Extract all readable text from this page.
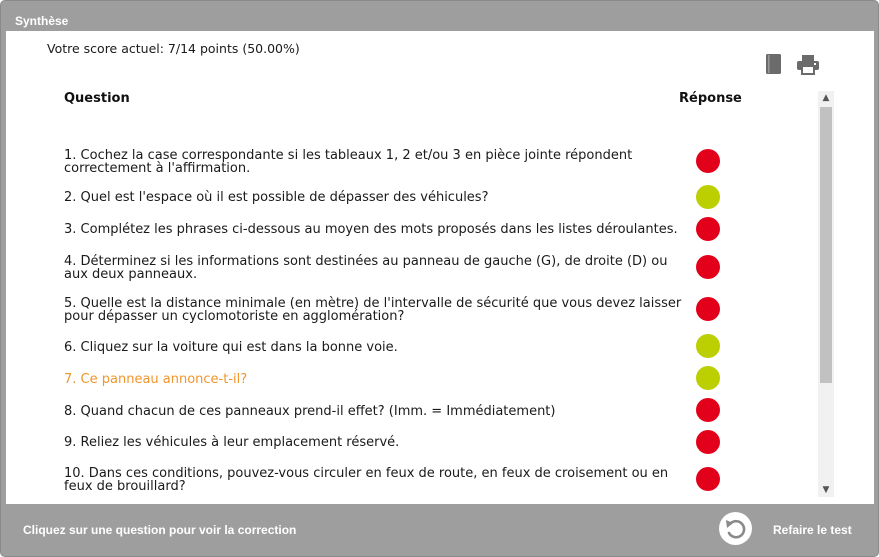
Synthèse
Votre score actuel: 7/14 points (50.00%)
Question	Réponse
1. Cochez la case correspondante si les tableaux 1, 2 et/ou 3 en pièce jointe répondent correctement à l'affirmation.
2. Quel est l'espace où il est possible de dépasser des véhicules?
3. Complétez les phrases ci-dessous au moyen des mots proposés dans les listes déroulantes.
4. Déterminez si les informations sont destinées au panneau de gauche (G), de droite (D) ou aux deux panneaux.
5. Quelle est la distance minimale (en mètre) de l'intervalle de sécurité que vous devez laisser pour dépasser un cyclomotoriste en agglomération?
6. Cliquez sur la voiture qui est dans la bonne voie.
7. Ce panneau annonce-t-il?
8. Quand chacun de ces panneaux prend-il effet? (Imm. = Immédiatement)
9. Reliez les véhicules à leur emplacement réservé.
10. Dans ces conditions, pouvez-vous circuler en feux de route, en feux de croisement ou en feux de brouillard?
▲
▼
Cliquez sur une question pour voir la correction	Refaire le test
